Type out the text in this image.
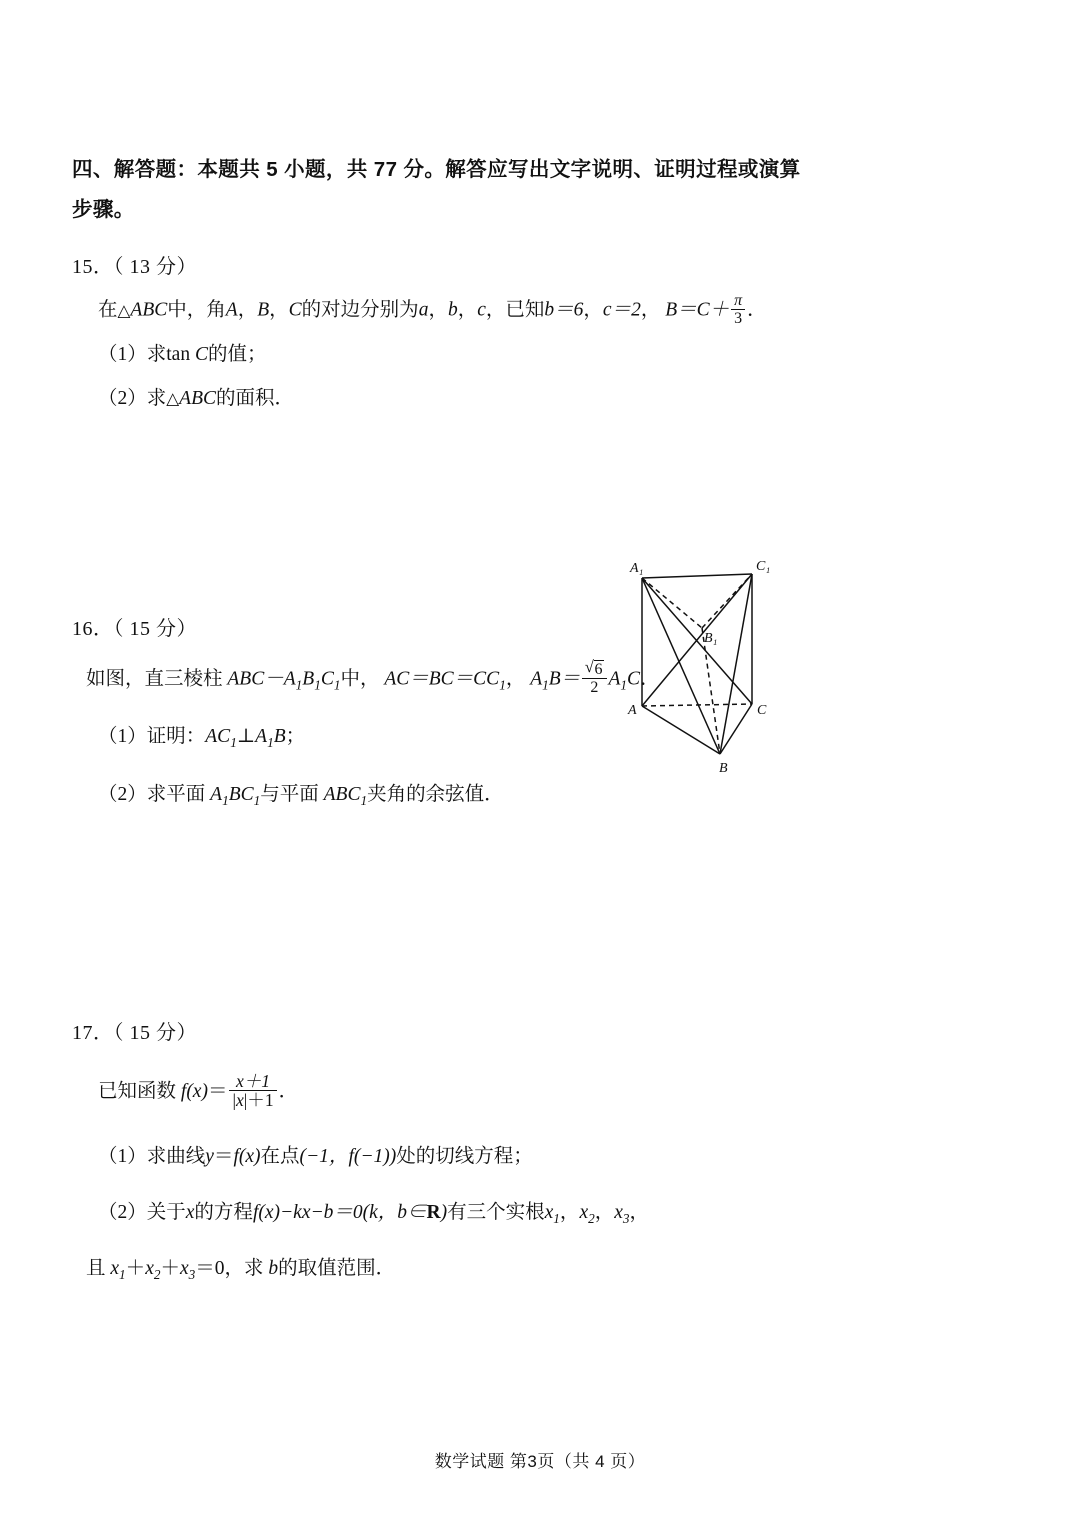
四、解答题：本题共 5 小题，共 77 分。解答应写出文字说明、证明过程或演算
步骤。
15．（ 13 分）
在 △ ABC中，角A，B，C的对边分别为a，b，c，已知b＝6，c＝2， $B=C+ \frac{\pi}{3}$ ．
（1）求tan C的值；
（2）求 △ ABC的面积．
16．（ 15 分）
如图，直三棱柱 $ABC-A_1B_1C_1$中， $AC=BC=CC_1$， $A_1B=$ √ $\frac{6}{2} A_1C$．
（1）证明：$AC_1\perp A_1B$；
（2）求平面 $A_1BC_1$与平面 $ABC_1$夹角的余弦值．
17．（ 15 分）
已知函数 $f(x)= \frac{x+1}{|x|+1}$ ．
（1）求曲线y＝f(x)在点(−1，f(−1))处的切线方程；
（2）关于x的方程f(x)−kx−b＝0(k，b∈R)有三个实根$x_1$，$x_2$，$x_3$，
且 $x_1+x_2+x_3=0$，求 b的取值范围．
A₁	C₁
B₁
A	C
B
数学试题 第3页（共 4 页）
